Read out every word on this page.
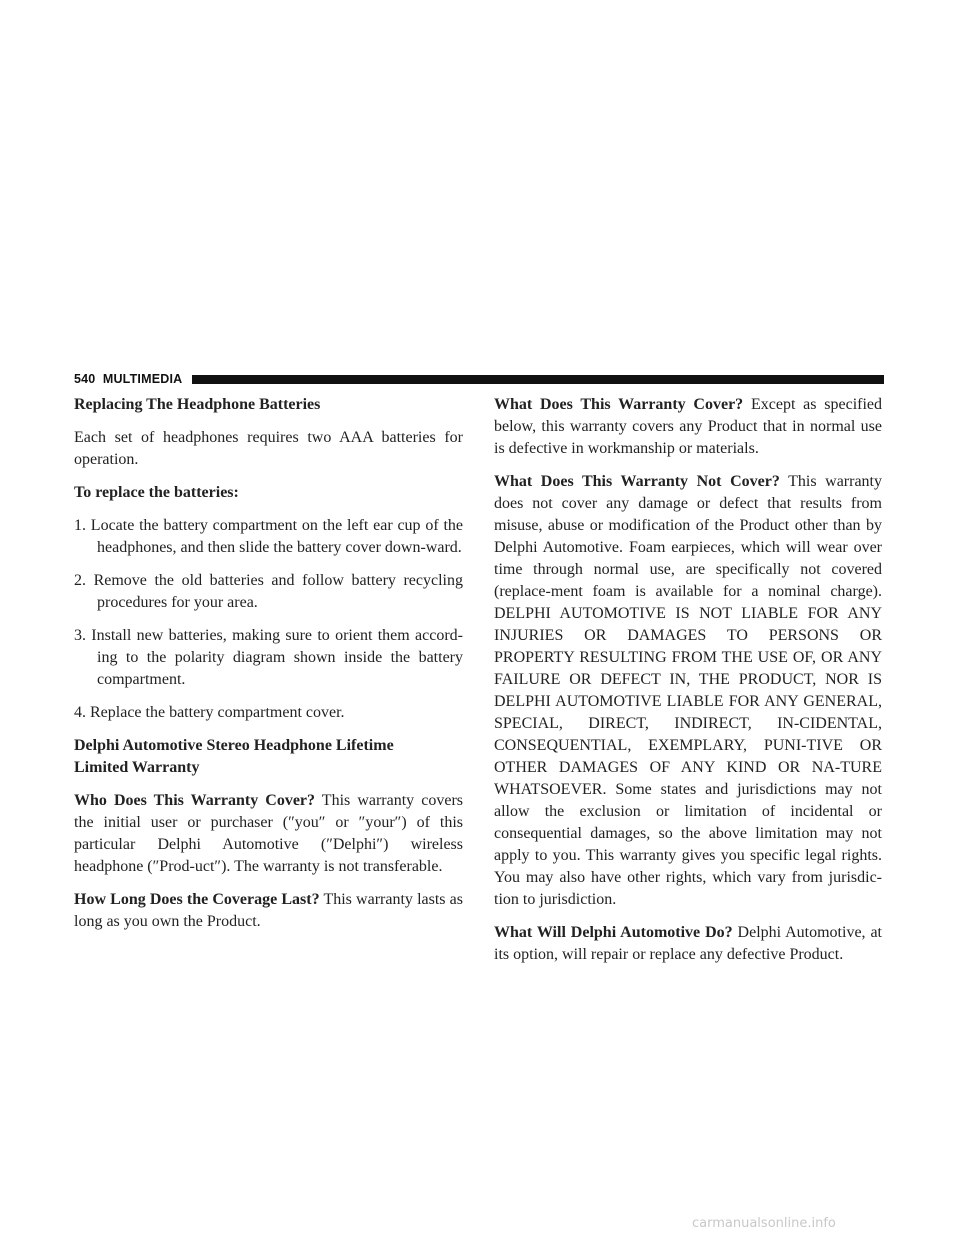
540 MULTIMEDIA
Replacing The Headphone Batteries

Each set of headphones requires two AAA batteries for operation.

To replace the batteries:

1. Locate the battery compartment on the left ear cup of the headphones, and then slide the battery cover down-ward.

2. Remove the old batteries and follow battery recycling procedures for your area.

3. Install new batteries, making sure to orient them accord-ing to the polarity diagram shown inside the battery compartment.

4. Replace the battery compartment cover.

Delphi Automotive Stereo Headphone Lifetime
Limited Warranty

Who Does This Warranty Cover? This warranty covers the initial user or purchaser (″you″ or ″your″) of this particular Delphi Automotive (″Delphi″) wireless headphone (″Prod-uct″). The warranty is not transferable.

How Long Does the Coverage Last? This warranty lasts as long as you own the Product.

What Does This Warranty Cover? Except as specified below, this warranty covers any Product that in normal use is defective in workmanship or materials.

What Does This Warranty Not Cover? This warranty does not cover any damage or defect that results from misuse, abuse or modification of the Product other than by Delphi Automotive. Foam earpieces, which will wear over time through normal use, are specifically not covered (replace-ment foam is available for a nominal charge). DELPHI AUTOMOTIVE IS NOT LIABLE FOR ANY INJURIES OR DAMAGES TO PERSONS OR PROPERTY RESULTING FROM THE USE OF, OR ANY FAILURE OR DEFECT IN, THE PRODUCT, NOR IS DELPHI AUTOMOTIVE LIABLE FOR ANY GENERAL, SPECIAL, DIRECT, INDIRECT, IN-CIDENTAL, CONSEQUENTIAL, EXEMPLARY, PUNI-TIVE OR OTHER DAMAGES OF ANY KIND OR NA-TURE WHATSOEVER. Some states and jurisdictions may not allow the exclusion or limitation of incidental or consequential damages, so the above limitation may not apply to you. This warranty gives you specific legal rights. You may also have other rights, which vary from jurisdic-tion to jurisdiction.

What Will Delphi Automotive Do? Delphi Automotive, at its option, will repair or replace any defective Product.

carmanualsonline.info
